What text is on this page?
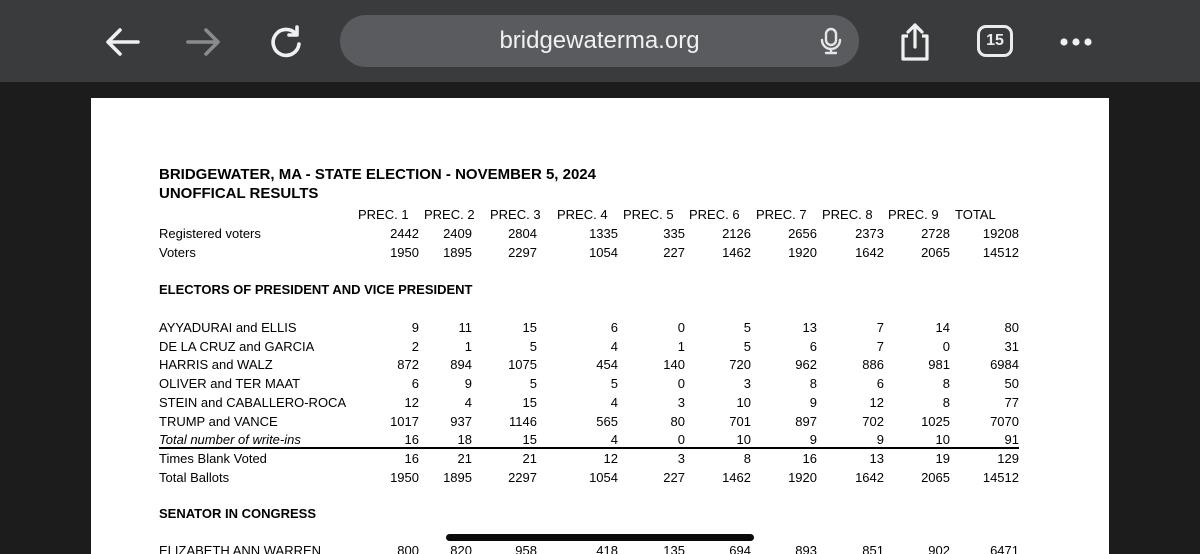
bridgewaterma.org	15
BRIDGEWATER, MA - STATE ELECTION - NOVEMBER 5, 2024
UNOFFICAL RESULTS
ELECTORS OF PRESIDENT AND VICE PRESIDENT
SENATOR IN CONGRESS
PREC. 1 PREC. 2 PREC. 3 PREC. 4 PREC. 5 PREC. 6 PREC. 7 PREC. 8 PREC. 9 TOTAL
Registered voters	2442	2409	2804	1335	335	2126	2656	2373	2728	19208
Voters	1950	1895	2297	1054	227	1462	1920	1642	2065	14512
AYYADURAI and ELLIS	9	11	15	6	0	5	13	7	14	80
DE LA CRUZ and GARCIA	2	1	5	4	1	5	6	7	0	31
HARRIS and WALZ	872	894	1075	454	140	720	962	886	981	6984
OLIVER and TER MAAT	6	9	5	5	0	3	8	6	8	50
STEIN and CABALLERO-ROCA	12	4	15	4	3	10	9	12	8	77
TRUMP and VANCE	1017	937	1146	565	80	701	897	702	1025	7070
Total number of write-ins	16	18	15	4	0	10	9	9	10	91
Times Blank Voted	16	21	21	12	3	8	16	13	19	129
Total Ballots	1950	1895	2297	1054	227	1462	1920	1642	2065	14512
ELIZABETH ANN WARREN	800	820	958	418	135	694	893	851	902	6471
